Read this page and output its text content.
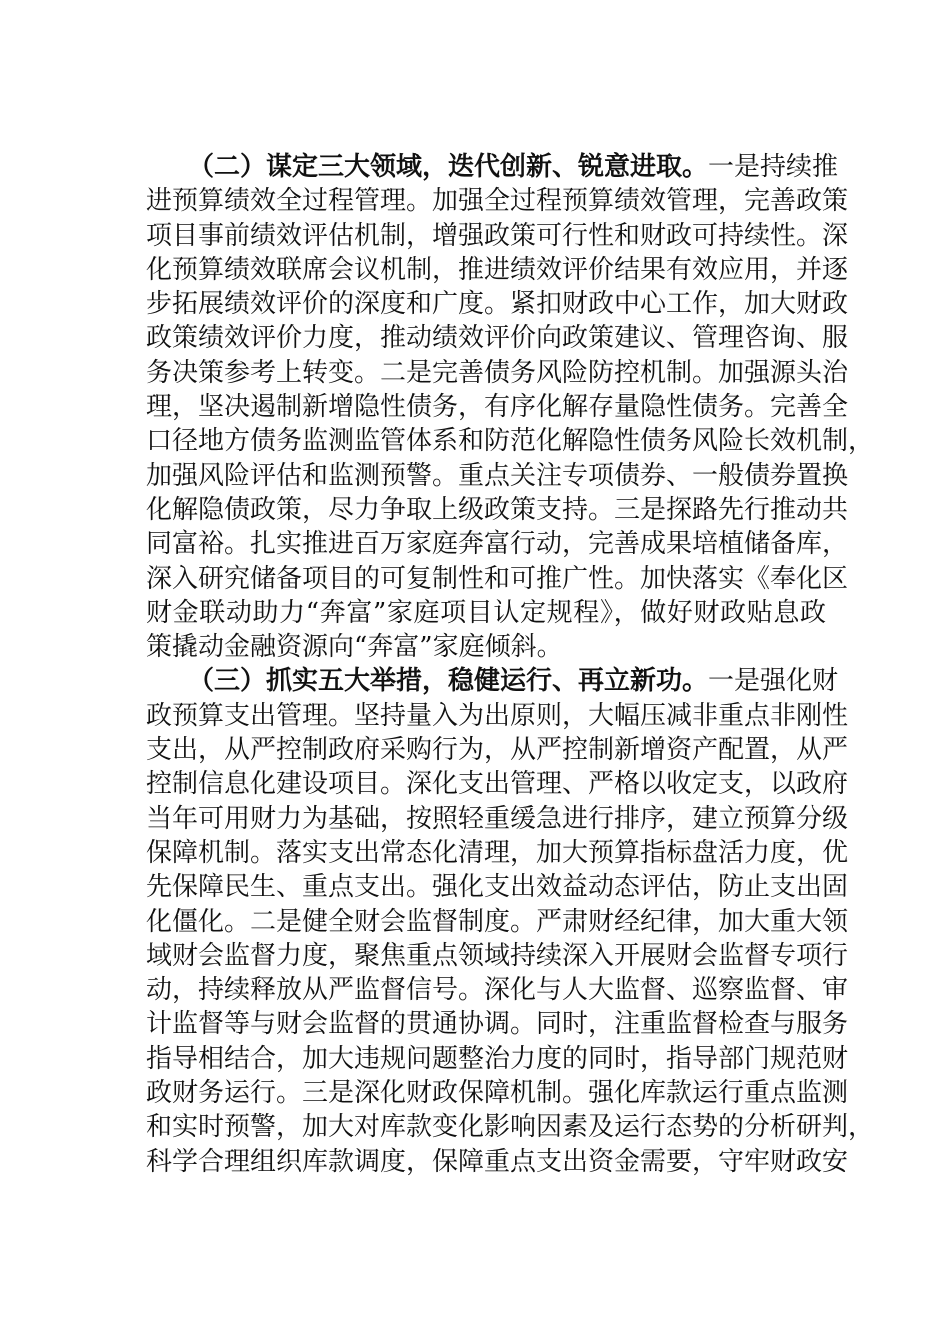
（二）谋定三大领域，迭代创新、锐意进取。一是持续推
进预算绩效全过程管理。加强全过程预算绩效管理，完善政策
项目事前绩效评估机制，增强政策可行性和财政可持续性。深
化预算绩效联席会议机制，推进绩效评价结果有效应用，并逐
步拓展绩效评价的深度和广度。紧扣财政中心工作，加大财政
政策绩效评价力度，推动绩效评价向政策建议、管理咨询、服
务决策参考上转变。二是完善债务风险防控机制。加强源头治
理，坚决遏制新增隐性债务，有序化解存量隐性债务。完善全
口径地方债务监测监管体系和防范化解隐性债务风险长效机制，
加强风险评估和监测预警。重点关注专项债券、一般债券置换
化解隐债政策，尽力争取上级政策支持。三是探路先行推动共
同富裕。扎实推进百万家庭奔富行动，完善成果培植储备库，
深入研究储备项目的可复制性和可推广性。加快落实《奉化区
财金联动助力“奔富”家庭项目认定规程》，做好财政贴息政
策撬动金融资源向“奔富”家庭倾斜。
（三）抓实五大举措，稳健运行、再立新功。一是强化财
政预算支出管理。坚持量入为出原则，大幅压减非重点非刚性
支出，从严控制政府采购行为，从严控制新增资产配置，从严
控制信息化建设项目。深化支出管理、严格以收定支，以政府
当年可用财力为基础，按照轻重缓急进行排序，建立预算分级
保障机制。落实支出常态化清理，加大预算指标盘活力度，优
先保障民生、重点支出。强化支出效益动态评估，防止支出固
化僵化。二是健全财会监督制度。严肃财经纪律，加大重大领
域财会监督力度，聚焦重点领域持续深入开展财会监督专项行
动，持续释放从严监督信号。深化与人大监督、巡察监督、审
计监督等与财会监督的贯通协调。同时，注重监督检查与服务
指导相结合，加大违规问题整治力度的同时，指导部门规范财
政财务运行。三是深化财政保障机制。强化库款运行重点监测
和实时预警，加大对库款变化影响因素及运行态势的分析研判，
科学合理组织库款调度，保障重点支出资金需要，守牢财政安
